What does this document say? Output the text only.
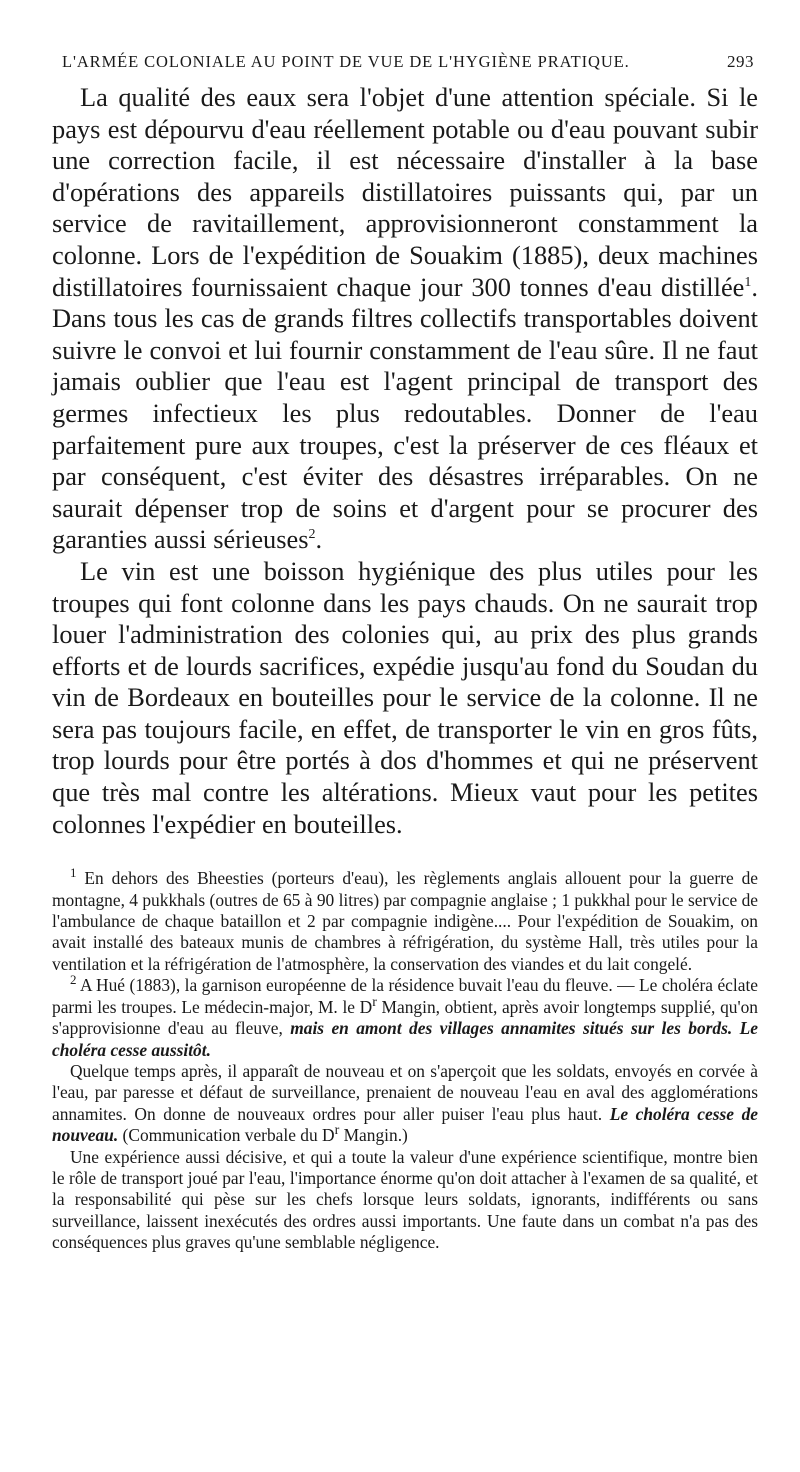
L'ARMÉE COLONIALE AU POINT DE VUE DE L'HYGIÈNE PRATIQUE.	293

La qualité des eaux sera l'objet d'une attention spéciale. Si le pays est dépourvu d'eau réellement potable ou d'eau pouvant subir une correction facile, il est nécessaire d'installer à la base d'opérations des appareils distillatoires puissants qui, par un service de ravitaillement, approvisionneront constamment la colonne. Lors de l'expédition de Souakim (1885), deux machines distillatoires fournissaient chaque jour 300 tonnes d'eau distillée$^1$. Dans tous les cas de grands filtres collectifs transportables doivent suivre le convoi et lui fournir constamment de l'eau sûre. Il ne faut jamais oublier que l'eau est l'agent principal de transport des germes infectieux les plus redoutables. Donner de l'eau parfaitement pure aux troupes, c'est la préserver de ces fléaux et par conséquent, c'est éviter des désastres irréparables. On ne saurait dépenser trop de soins et d'argent pour se procurer des garanties aussi sérieuses$^2$.

Le vin est une boisson hygiénique des plus utiles pour les troupes qui font colonne dans les pays chauds. On ne saurait trop louer l'administration des colonies qui, au prix des plus grands efforts et de lourds sacrifices, expédie jusqu'au fond du Soudan du vin de Bordeaux en bouteilles pour le service de la colonne. Il ne sera pas toujours facile, en effet, de transporter le vin en gros fûts, trop lourds pour être portés à dos d'hommes et qui ne préservent que très mal contre les altérations. Mieux vaut pour les petites colonnes l'expédier en bouteilles.

$^1$ En dehors des Bheesties (porteurs d'eau), les règlements anglais allouent pour la guerre de montagne, 4 pukkhals (outres de 65 à 90 litres) par compagnie anglaise ; 1 pukkhal pour le service de l'ambulance de chaque bataillon et 2 par compagnie indigène.... Pour l'expédition de Souakim, on avait installé des bateaux munis de chambres à réfrigération, du système Hall, très utiles pour la ventilation et la réfrigération de l'atmosphère, la conservation des viandes et du lait congelé.

$^2$ A Hué (1883), la garnison européenne de la résidence buvait l'eau du fleuve. — Le choléra éclate parmi les troupes. Le médecin-major, M. le $D^r$ Mangin, obtient, après avoir longtemps supplié, qu'on s'approvisionne d'eau au fleuve, mais en amont des villages annamites situés sur les bords. Le choléra cesse aussitôt.

Quelque temps après, il apparaît de nouveau et on s'aperçoit que les soldats, envoyés en corvée à l'eau, par paresse et défaut de surveillance, prenaient de nouveau l'eau en aval des agglomérations annamites. On donne de nouveaux ordres pour aller puiser l'eau plus haut. Le choléra cesse de nouveau. (Communication verbale du $D^r$ Mangin.)

Une expérience aussi décisive, et qui a toute la valeur d'une expérience scientifique, montre bien le rôle de transport joué par l'eau, l'importance énorme qu'on doit attacher à l'examen de sa qualité, et la responsabilité qui pèse sur les chefs lorsque leurs soldats, ignorants, indifférents ou sans surveillance, laissent inexécutés des ordres aussi importants. Une faute dans un combat n'a pas des conséquences plus graves qu'une semblable négligence.
